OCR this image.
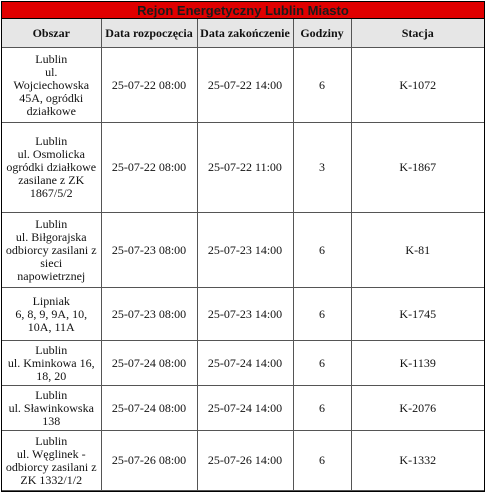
Rejon Energetyczny Lublin Miasto
Obszar	Data rozpoczęcia	Data zakończenie	Godziny	Stacja
Lublin
ul.
Wojciechowska
45A, ogródki
działkowe	25-07-22 08:00	25-07-22 14:00	6	K-1072
Lublin
ul. Osmolicka
ogródki działkowe
zasilane z ZK
1867/5/2	25-07-22 08:00	25-07-22 11:00	3	K-1867
Lublin
ul. Biłgorajska
odbiorcy zasilani z
sieci
napowietrznej	25-07-23 08:00	25-07-23 14:00	6	K-81
Lipniak
6, 8, 9, 9A, 10,
10A, 11A	25-07-23 08:00	25-07-23 14:00	6	K-1745
Lublin
ul. Kminkowa 16,
18, 20	25-07-24 08:00	25-07-24 14:00	6	K-1139
Lublin
ul. Sławinkowska
138	25-07-24 08:00	25-07-24 14:00	6	K-2076
Lublin
ul. Węglinek -
odbiorcy zasilani z
ZK 1332/1/2	25-07-26 08:00	25-07-26 14:00	6	K-1332
